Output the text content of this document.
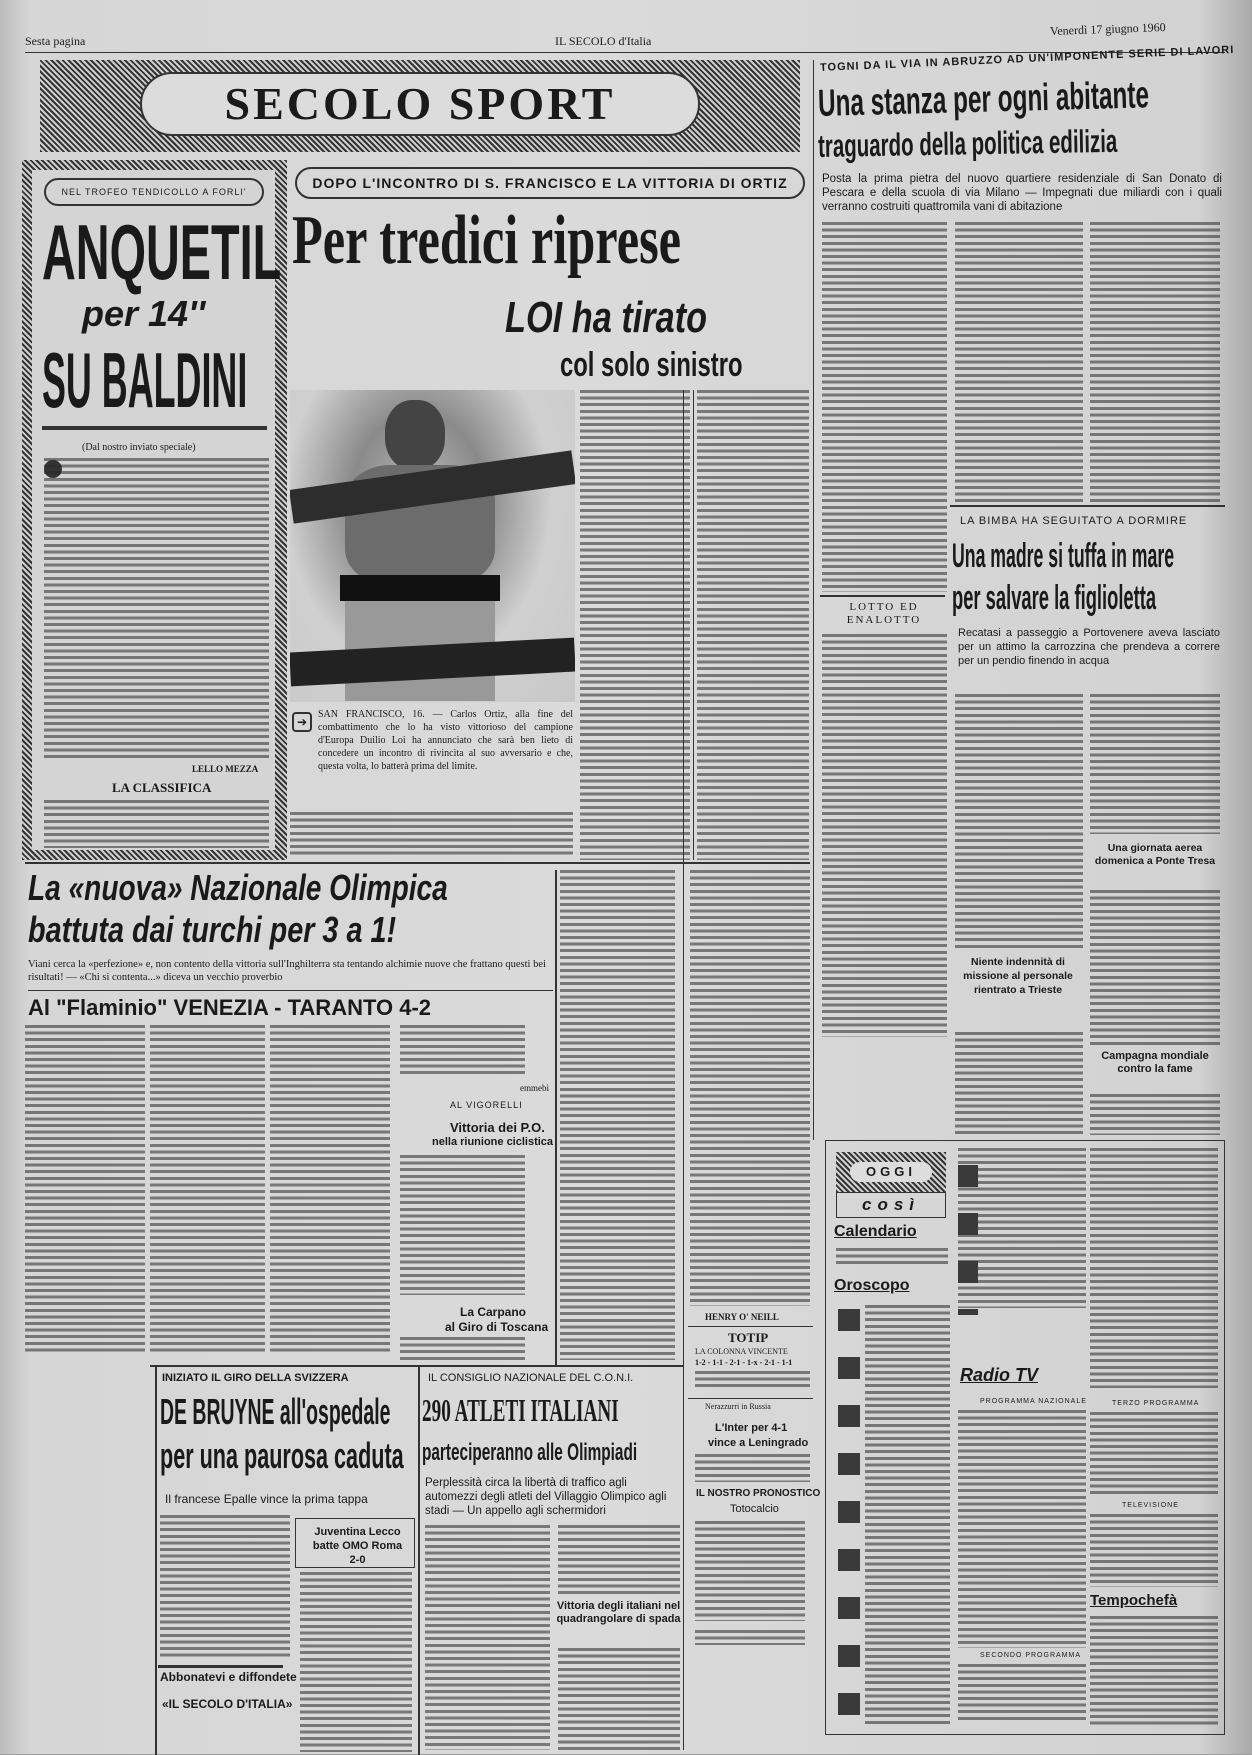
Sesta pagina	IL SECOLO d'Italia
Venerdì 17 giugno 1960
SECOLO SPORT
NEL TROFEO TENDICOLLO A FORLI'
ANQUETIL
per 14''
SU BALDINI
(Dal nostro inviato speciale)
LELLO MEZZA
LA CLASSIFICA
DOPO L'INCONTRO DI S. FRANCISCO E LA VITTORIA DI ORTIZ
Per tredici riprese
LOI ha tirato
col solo sinistro
➔
SAN FRANCISCO, 16. — Carlos Ortiz, alla fine del combattimento che lo ha visto vittorioso del campione d'Europa Duilio Loi ha annunciato che sarà ben lieto di concedere un incontro di rivincita al suo avversario e che, questa volta, lo batterà prima del limite.
La «nuova» Nazionale Olimpica
battuta dai turchi per 3 a 1!
Viani cerca la «perfezione» e, non contento della vittoria sull'Inghilterra sta tentando alchimie nuove che frattano questi bei risultati! — «Chi si contenta...» diceva un vecchio proverbio
Al "Flaminio" VENEZIA - TARANTO 4-2
emmebi
AL VIGORELLI
Vittoria dei P.O.
nella riunione ciclistica
La Carpano
al Giro di Toscana
HENRY O' NEILL
INIZIATO IL GIRO DELLA SVIZZERA
DE BRUYNE all'ospedale
per una paurosa caduta
Il francese Epalle vince la prima tappa
Juventina Lecco batte OMO Roma 2-0
Abbonatevi e diffondete
«IL SECOLO D'ITALIA»
IL CONSIGLIO NAZIONALE DEL C.O.N.I.
290 ATLETI ITALIANI
parteciperanno alle Olimpiadi
Perplessità circa la libertà di traffico agli automezzi degli atleti del Villaggio Olimpico agli stadi — Un appello agli schermidori
Vittoria degli italiani nel quadrangolare di spada
TOTIP
LA COLONNA VINCENTE
1-2 - 1-1 - 2-1 - 1-x - 2-1 - 1-1
Nerazzurri in Russia
L'Inter per 4-1
vince a Leningrado
IL NOSTRO PRONOSTICO
Totocalcio
TOGNI DA IL VIA IN ABRUZZO AD UN'IMPONENTE SERIE DI LAVORI
Una stanza per ogni abitante
traguardo della politica edilizia
Posta la prima pietra del nuovo quartiere residenziale di San Donato di Pescara e della scuola di via Milano — Impegnati due miliardi con i quali verranno costruiti quattromila vani di abitazione
LA BIMBA HA SEGUITATO A DORMIRE
Una madre si tuffa in mare
per salvare la figlioletta
Recatasi a passeggio a Portovenere aveva lasciato per un attimo la carrozzina che prendeva a correre per un pendio finendo in acqua
LOTTO ED ENALOTTO
Niente indennità di missione al personale rientrato a Trieste
Una giornata aerea domenica a Ponte Tresa
Campagna mondiale contro la fame
OGGI
così
Calendario
Oroscopo
Radio TV
PROGRAMMA NAZIONALE
SECONDO PROGRAMMA
TERZO PROGRAMMA
TELEVISIONE
Tempochefà
